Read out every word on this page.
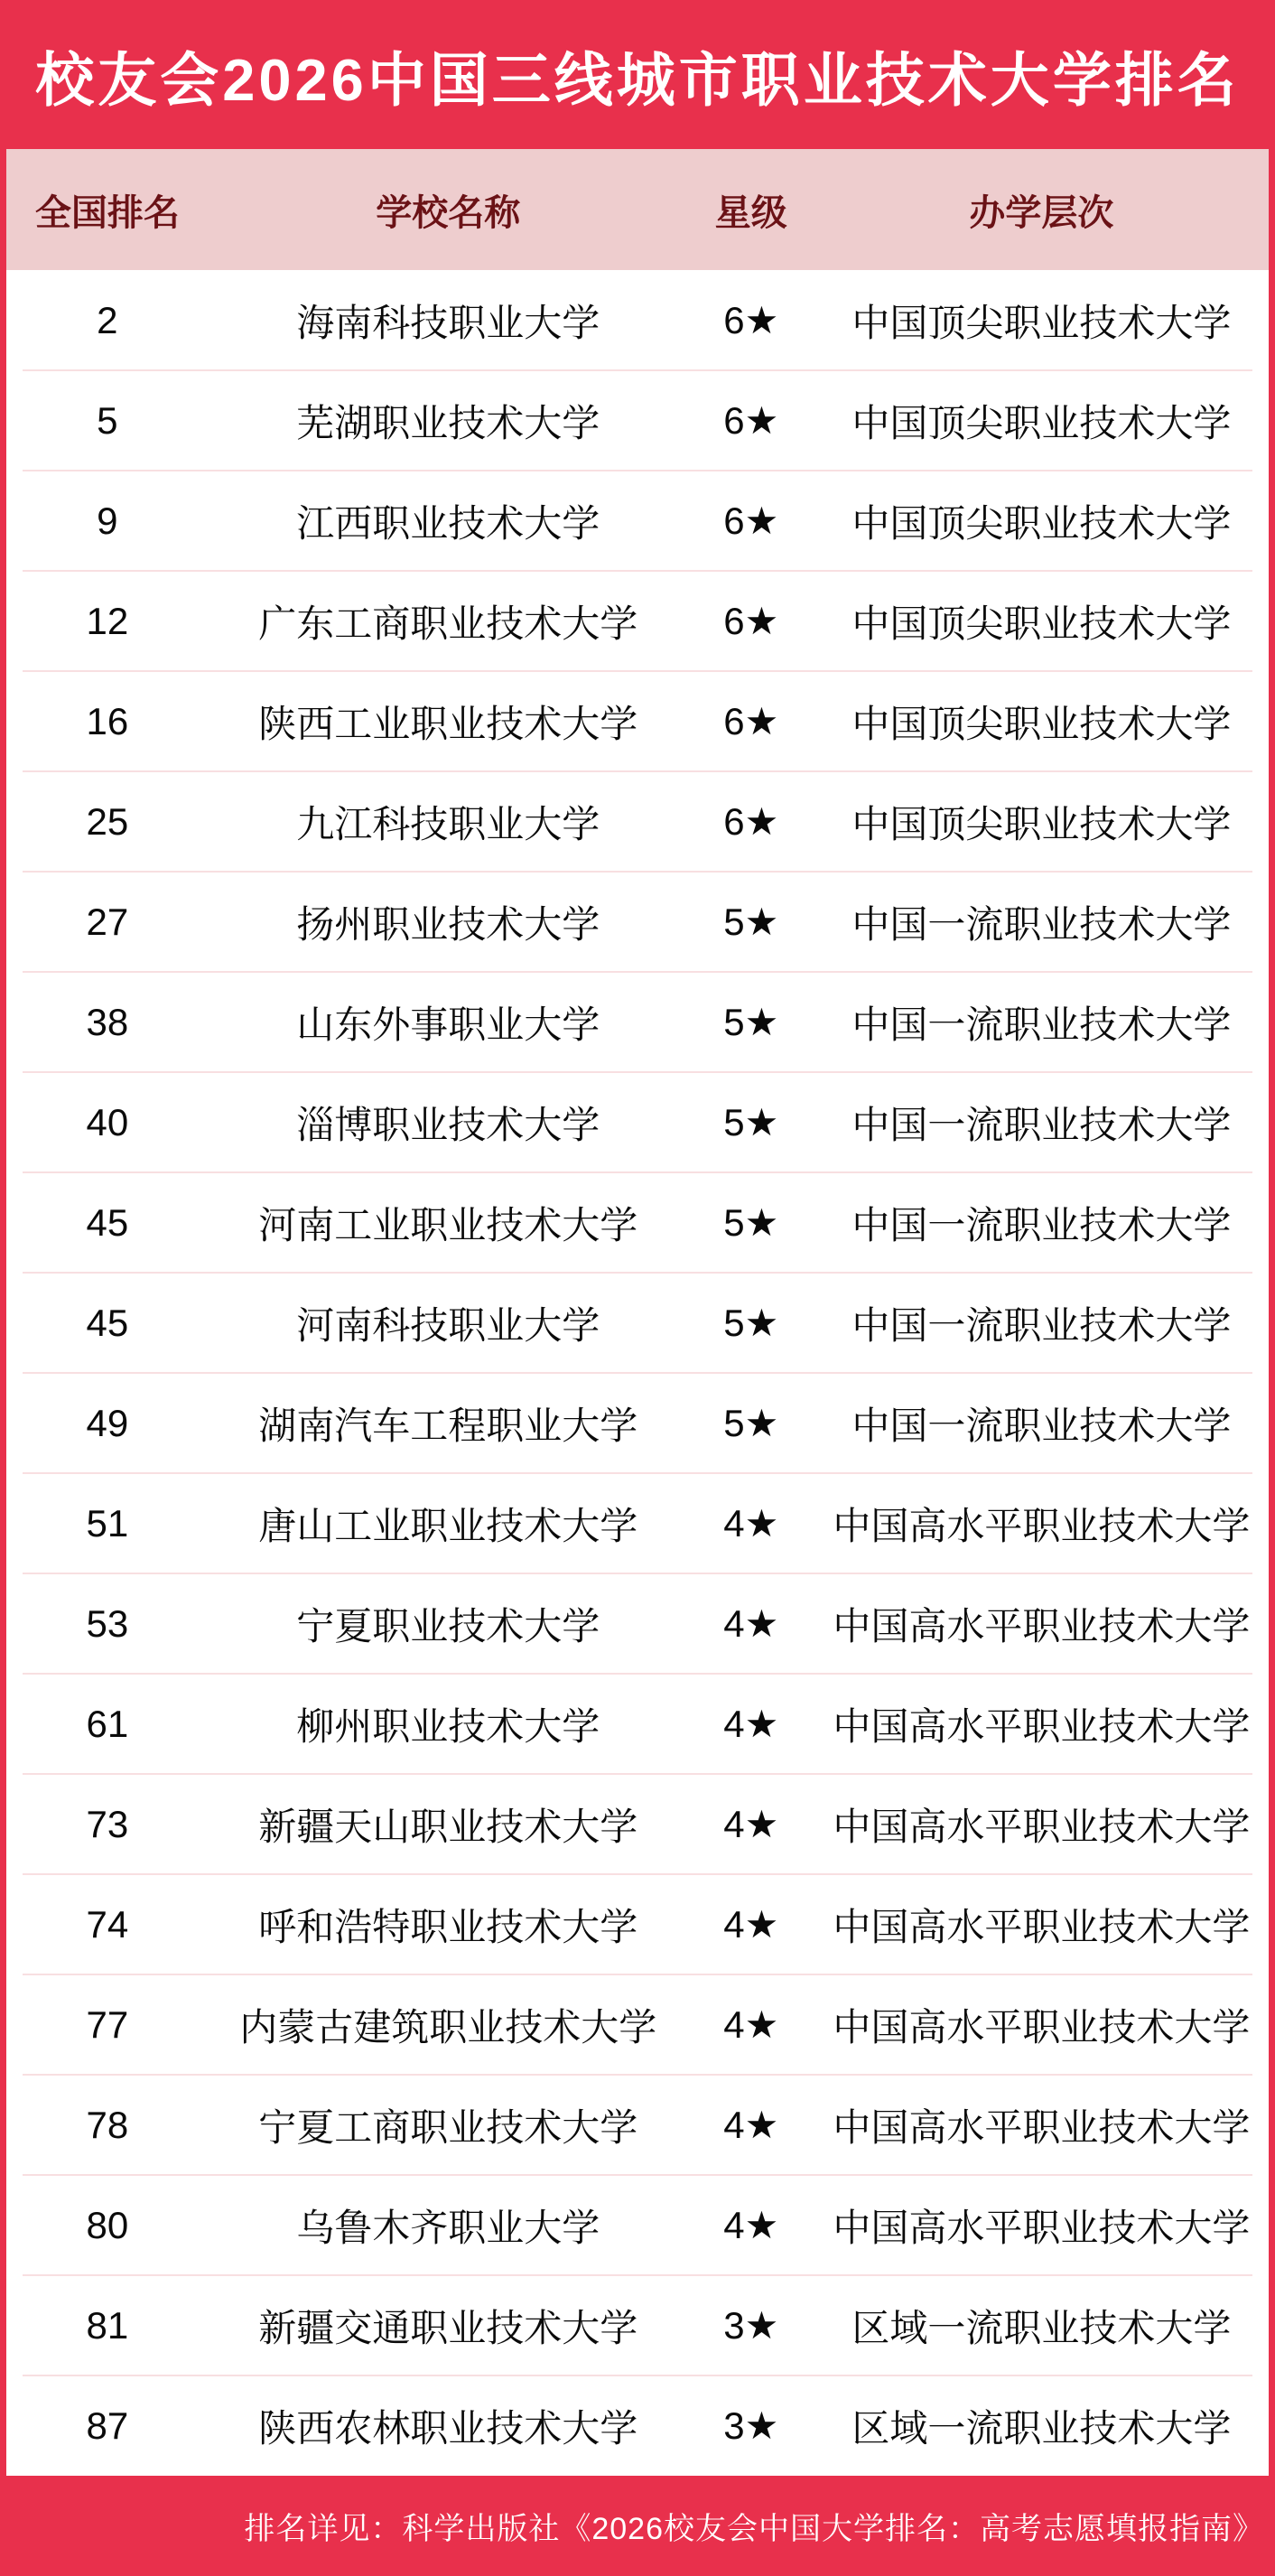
校友会2026中国三线城市职业技术大学排名
全国排名	学校名称	星级	办学层次
2	海南科技职业大学	6★	中国顶尖职业技术大学
5	芜湖职业技术大学	6★	中国顶尖职业技术大学
9	江西职业技术大学	6★	中国顶尖职业技术大学
12	广东工商职业技术大学	6★	中国顶尖职业技术大学
16	陕西工业职业技术大学	6★	中国顶尖职业技术大学
25	九江科技职业大学	6★	中国顶尖职业技术大学
27	扬州职业技术大学	5★	中国一流职业技术大学
38	山东外事职业大学	5★	中国一流职业技术大学
40	淄博职业技术大学	5★	中国一流职业技术大学
45	河南工业职业技术大学	5★	中国一流职业技术大学
45	河南科技职业大学	5★	中国一流职业技术大学
49	湖南汽车工程职业大学	5★	中国一流职业技术大学
51	唐山工业职业技术大学	4★	中国高水平职业技术大学
53	宁夏职业技术大学	4★	中国高水平职业技术大学
61	柳州职业技术大学	4★	中国高水平职业技术大学
73	新疆天山职业技术大学	4★	中国高水平职业技术大学
74	呼和浩特职业技术大学	4★	中国高水平职业技术大学
77	内蒙古建筑职业技术大学	4★	中国高水平职业技术大学
78	宁夏工商职业技术大学	4★	中国高水平职业技术大学
80	乌鲁木齐职业大学	4★	中国高水平职业技术大学
81	新疆交通职业技术大学	3★	区域一流职业技术大学
87	陕西农林职业技术大学	3★	区域一流职业技术大学
排名详见：科学出版社《2026校友会中国大学排名：高考志愿填报指南》
